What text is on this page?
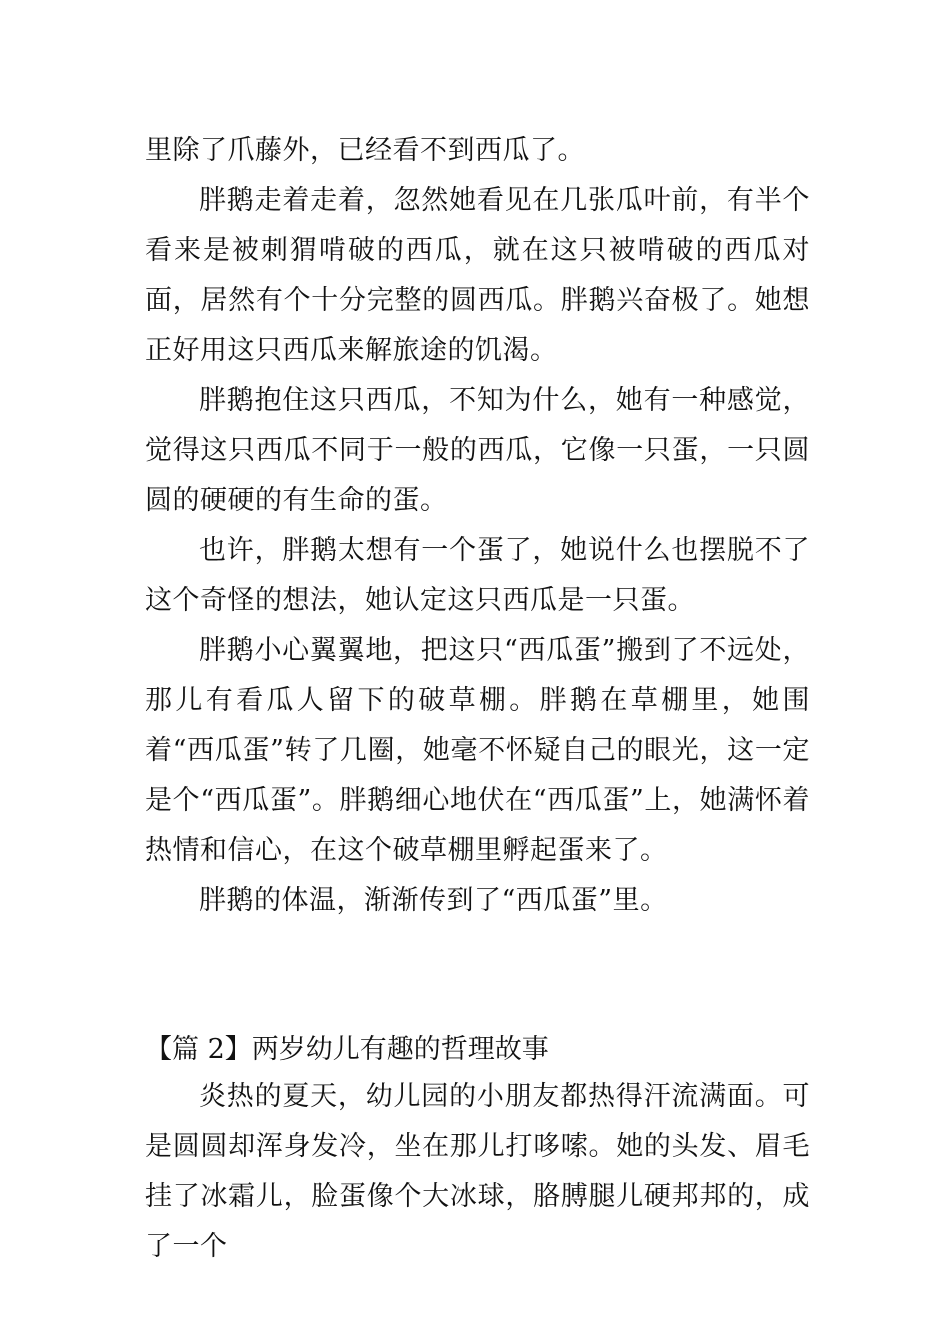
里除了爪藤外，已经看不到西瓜了。

胖鹅走着走着，忽然她看见在几张瓜叶前，有半个看来是被刺猬啃破的西瓜，就在这只被啃破的西瓜对面，居然有个十分完整的圆西瓜。胖鹅兴奋极了。她想正好用这只西瓜来解旅途的饥渴。

胖鹅抱住这只西瓜，不知为什么，她有一种感觉，觉得这只西瓜不同于一般的西瓜，它像一只蛋，一只圆圆的硬硬的有生命的蛋。

也许，胖鹅太想有一个蛋了，她说什么也摆脱不了这个奇怪的想法，她认定这只西瓜是一只蛋。

胖鹅小心翼翼地，把这只“西瓜蛋”搬到了不远处，那儿有看瓜人留下的破草棚。胖鹅在草棚里，她围着“西瓜蛋”转了几圈，她毫不怀疑自己的眼光，这一定是个“西瓜蛋”。胖鹅细心地伏在“西瓜蛋”上，她满怀着热情和信心，在这个破草棚里孵起蛋来了。

胖鹅的体温，渐渐传到了“西瓜蛋”里。

【篇 2】两岁幼儿有趣的哲理故事

炎热的夏天，幼儿园的小朋友都热得汗流满面。可是圆圆却浑身发冷，坐在那儿打哆嗦。她的头发、眉毛挂了冰霜儿，脸蛋像个大冰球，胳膊腿儿硬邦邦的，成了一个
